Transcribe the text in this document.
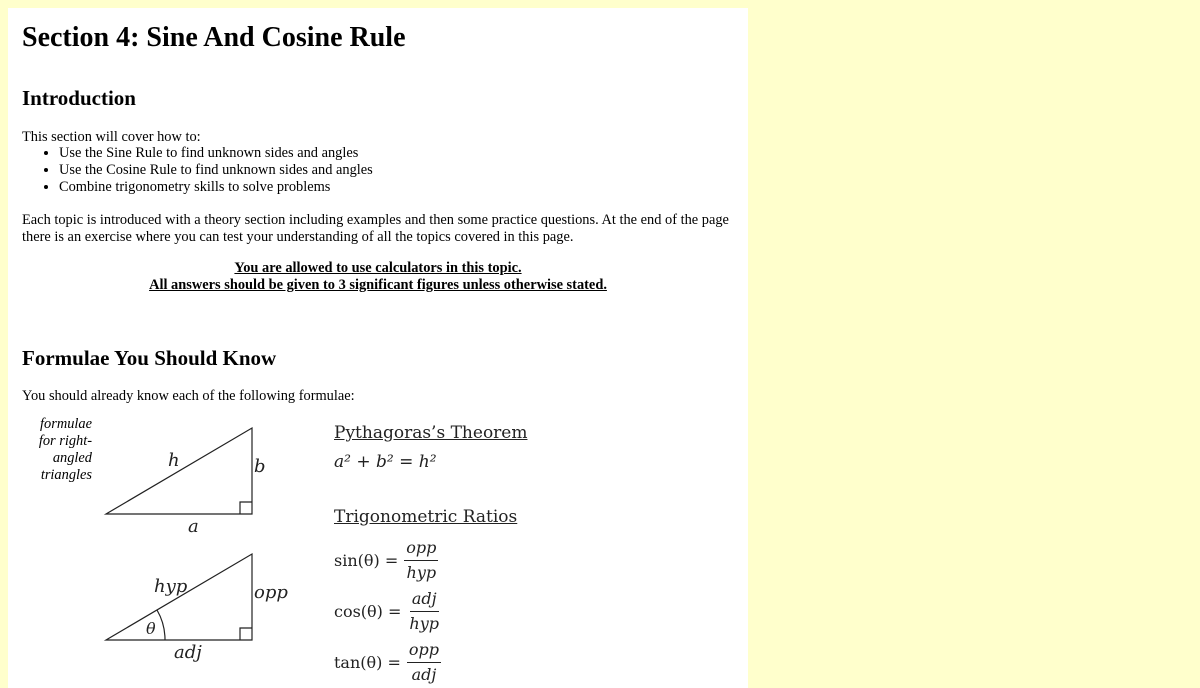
Section 4: Sine And Cosine Rule
Introduction

This section will cover how to:

• Use the Sine Rule to find unknown sides and angles
• Use the Cosine Rule to find unknown sides and angles
• Combine trigonometry skills to solve problems

Each topic is introduced with a theory section including examples and then some practice questions. At the end of the page there is an exercise where you can test your understanding of all the topics covered in this page.

You are allowed to use calculators in this topic.
All answers should be given to 3 significant figures unless otherwise stated.
Formulae You Should Know

You should already know each of the following formulae:

formulae for right-angled triangles
h	b
a
hyp	opp
adj
θ
Pythagoras’s Theorem
a² + b² = h²
Trigonometric Ratios
$\sin(\theta) = \frac{\text{opp}}{\text{hyp}}$
$\cos(\theta) = \frac{\text{adj}}{\text{hyp}}$
$\tan(\theta) = \frac{\text{opp}}{\text{adj}}$
